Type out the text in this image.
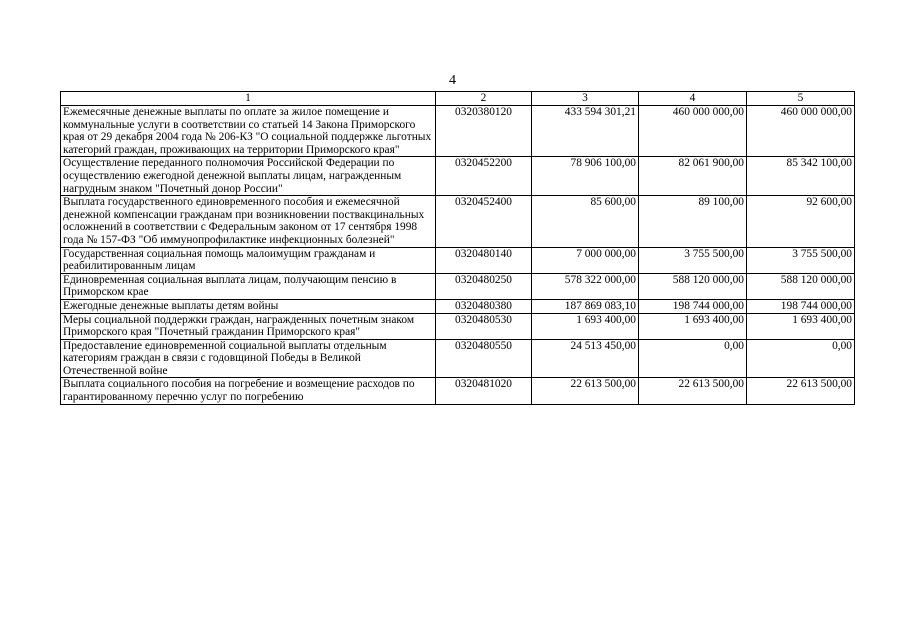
4
1	2	3	4	5
Ежемесячные денежные выплаты по оплате за жилое помещение и коммунальные услуги в соответствии со статьей 14 Закона Приморского края от 29 декабря 2004 года № 206-КЗ "О социальной поддержке льготных категорий граждан, проживающих на территории Приморского края"	0320380120	433 594 301,21	460 000 000,00	460 000 000,00
Осуществление переданного полномочия Российской Федерации по осуществлению ежегодной денежной выплаты лицам, награжденным нагрудным знаком "Почетный донор России"	0320452200	78 906 100,00	82 061 900,00	85 342 100,00
Выплата государственного единовременного пособия и ежемесячной денежной компенсации гражданам при возникновении поствакцинальных осложнений в соответствии с Федеральным законом от 17 сентября 1998 года № 157-ФЗ "Об иммунопрофилактике инфекционных болезней"	0320452400	85 600,00	89 100,00	92 600,00
Государственная социальная помощь малоимущим гражданам и реабилитированным лицам	0320480140	7 000 000,00	3 755 500,00	3 755 500,00
Единовременная социальная выплата лицам, получающим пенсию в Приморском крае	0320480250	578 322 000,00	588 120 000,00	588 120 000,00
Ежегодные денежные выплаты детям войны	0320480380	187 869 083,10	198 744 000,00	198 744 000,00
Меры социальной поддержки граждан, награжденных почетным знаком Приморского края "Почетный гражданин Приморского края"	0320480530	1 693 400,00	1 693 400,00	1 693 400,00
Предоставление единовременной социальной выплаты отдельным категориям граждан в связи с годовщиной Победы в Великой Отечественной войне	0320480550	24 513 450,00	0,00	0,00
Выплата социального пособия на погребение и возмещение расходов по гарантированному перечню услуг по погребению	0320481020	22 613 500,00	22 613 500,00	22 613 500,00
